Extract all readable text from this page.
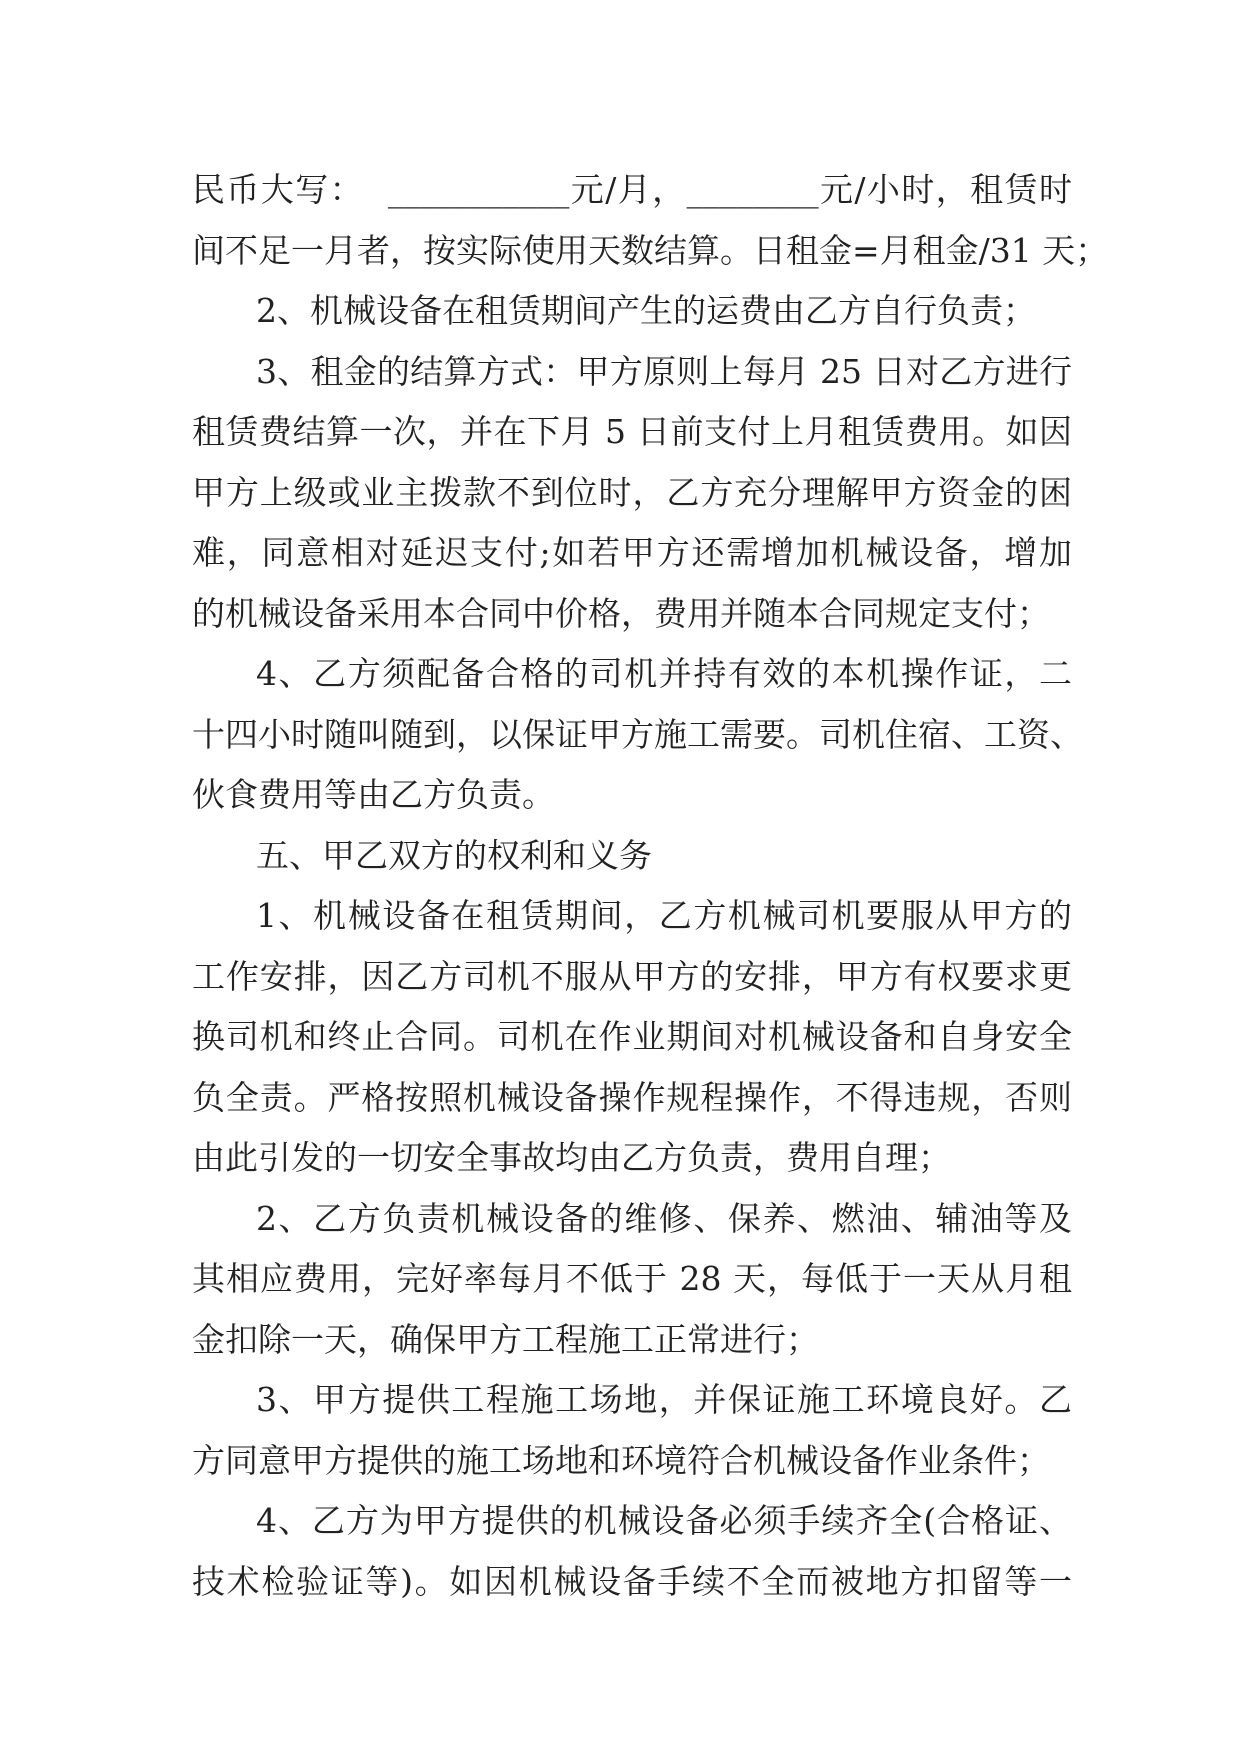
民币大写：  ___________元/月，________元/小时，租赁时
间不足一月者，按实际使用天数结算。日租金=月租金/31 天；
2、机械设备在租赁期间产生的运费由乙方自行负责；
3、租金的结算方式：甲方原则上每月 25 日对乙方进行
租赁费结算一次，并在下月 5 日前支付上月租赁费用。如因
甲方上级或业主拨款不到位时，乙方充分理解甲方资金的困
难，同意相对延迟支付;如若甲方还需增加机械设备，增加
的机械设备采用本合同中价格，费用并随本合同规定支付；
4、乙方须配备合格的司机并持有效的本机操作证，二
十四小时随叫随到，以保证甲方施工需要。司机住宿、工资、
伙食费用等由乙方负责。
五、甲乙双方的权利和义务
1、机械设备在租赁期间，乙方机械司机要服从甲方的
工作安排，因乙方司机不服从甲方的安排，甲方有权要求更
换司机和终止合同。司机在作业期间对机械设备和自身安全
负全责。严格按照机械设备操作规程操作，不得违规，否则
由此引发的一切安全事故均由乙方负责，费用自理；
2、乙方负责机械设备的维修、保养、燃油、辅油等及
其相应费用，完好率每月不低于 28 天，每低于一天从月租
金扣除一天，确保甲方工程施工正常进行；
3、甲方提供工程施工场地，并保证施工环境良好。乙
方同意甲方提供的施工场地和环境符合机械设备作业条件；
4、乙方为甲方提供的机械设备必须手续齐全(合格证、
技术检验证等)。如因机械设备手续不全而被地方扣留等一
